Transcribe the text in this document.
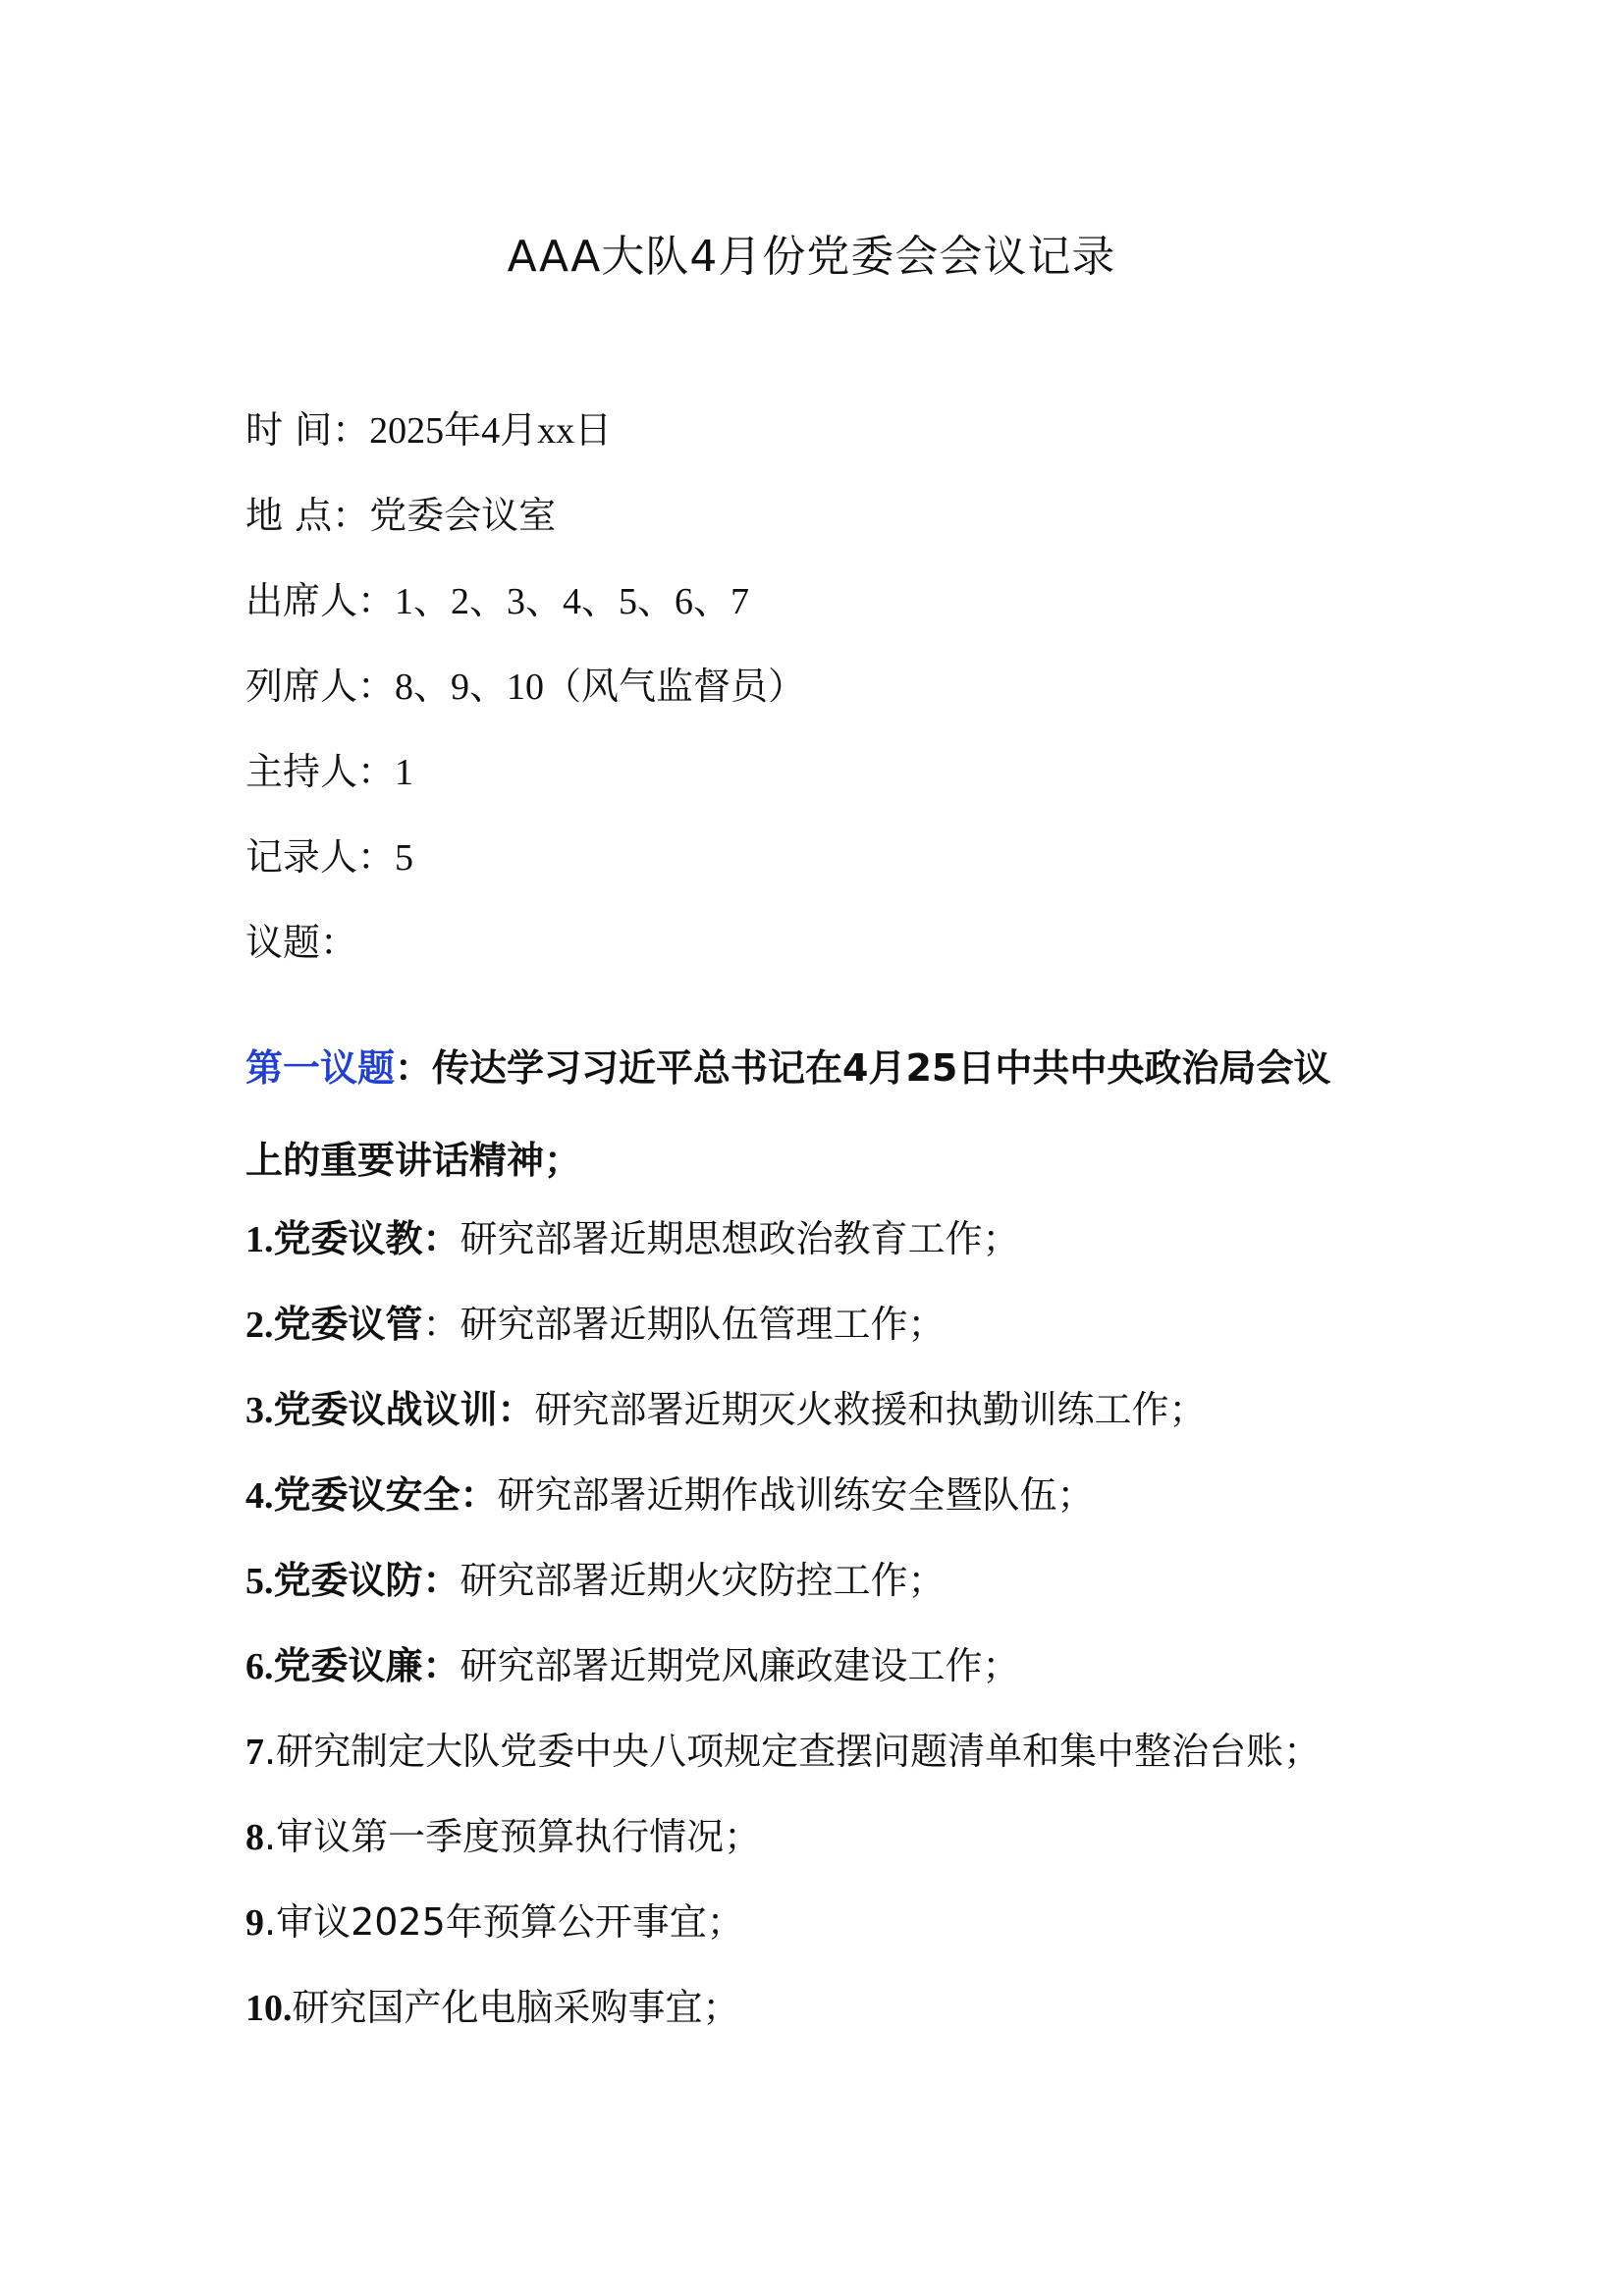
AAA大队4月份党委会会议记录
时 间：2025年4月xx日
地 点：党委会议室
出席人：1、2、3、4、5、6、7
列席人：8、9、10（风气监督员）
主持人：1
记录人：5
议题：
第一议题：传达学习习近平总书记在4月25日中共中央政治局会议
上的重要讲话精神；
1.党委议教：研究部署近期思想政治教育工作；
2.党委议管：研究部署近期队伍管理工作；
3.党委议战议训：研究部署近期灭火救援和执勤训练工作；
4.党委议安全：研究部署近期作战训练安全暨队伍；
5.党委议防：研究部署近期火灾防控工作；
6.党委议廉：研究部署近期党风廉政建设工作；
7.研究制定大队党委中央八项规定查摆问题清单和集中整治台账；
8.审议第一季度预算执行情况；
9.审议2025年预算公开事宜；
10.研究国产化电脑采购事宜；
